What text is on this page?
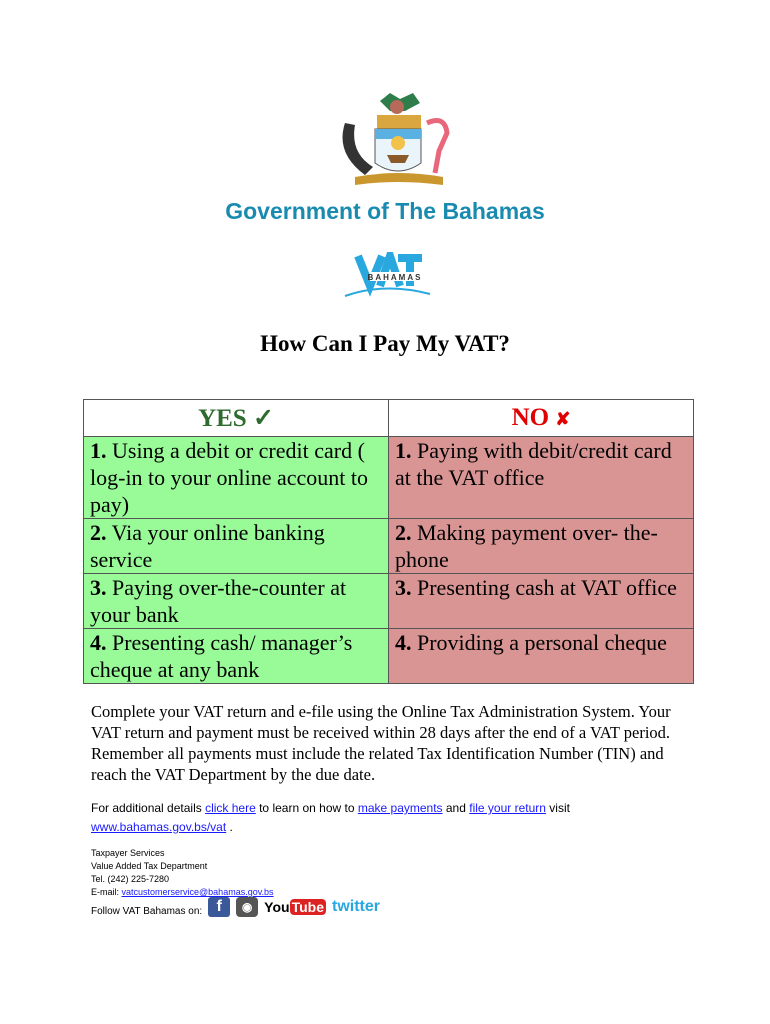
Government of The Bahamas
BAHAMAS
How Can I Pay My VAT?
YES ✓	NO ✘
1. Using a debit or credit card ( log-in to your online account to pay)	1. Paying with debit/credit card at the VAT office
2. Via your online banking service	2. Making payment over- the-phone
3. Paying over-the-counter at your bank	3. Presenting cash at VAT office
4. Presenting cash/ manager’s cheque at any bank	4. Providing a personal cheque
Complete your VAT return and e-file using the Online Tax Administration System. Your VAT return and payment must be received within 28 days after the end of a VAT period. Remember all payments must include the related Tax Identification Number (TIN) and reach the VAT Department by the due date.
For additional details click here to learn on how to make payments and file your return visit
www.bahamas.gov.bs/vat .
Taxpayer Services
Value Added Tax Department
Tel. (242) 225-7280
E-mail: vatcustomerservice@bahamas.gov.bs
Follow VAT Bahamas on: f	◉ You Tube twitter
